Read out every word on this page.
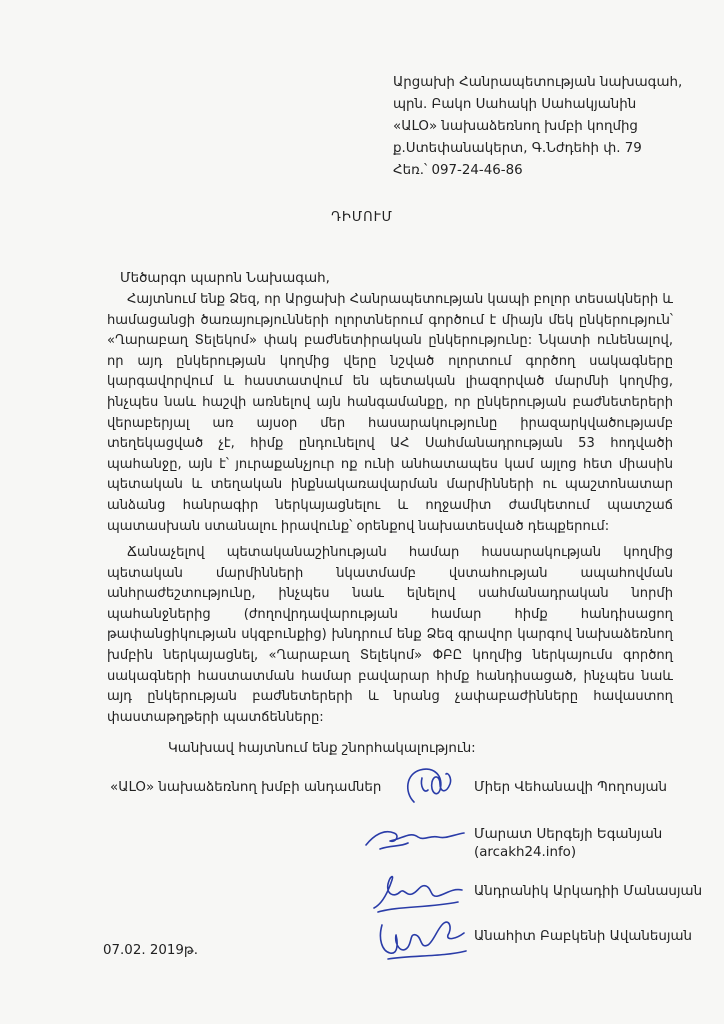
Արցախի Հանրապետության նախագահ,
պրն. Բակո Սահակի Սահակյանին
«ԱLO» նախաձեռնող խմբի կողմից
ք.Ստեփանակերտ, Գ.Նժդեհի փ. 79
Հեռ.՝ 097-24-46-86
ԴԻՄՈՒՄ
Մեծարգո պարոն Նախագահ,

Հայտնում ենք Ձեզ, որ Արցախի Հանրապետության կապի բոլոր տեսակների և համացանցի ծառայությունների ոլորտներում գործում է միայն մեկ ընկերություն՝ «Ղարաբաղ Տելեկոմ» փակ բաժնետիրական ընկերությունը: Նկատի ունենալով, որ այդ ընկերության կողմից վերը նշված ոլորտում գործող սակագները կարգավորվում և հաստատվում են պետական լիազորված մարմնի կողմից, ինչպես նաև հաշվի առնելով այն հանգամանքը, որ ընկերության բաժնետերերի վերաբերյալ առ այսօր մեր հասարակությունը իրազարկվածությամբ տեղեկացված չէ, հիմք ընդունելով ԱՀ Սահմանադրության 53 հոդվածի պահանջը, այն է՝ յուրաքանչյուր ոք ունի անհատապես կամ այլոց հետ միասին պետական և տեղական ինքնակառավարման մարմինների ու պաշտոնատար անձանց հանրագիր ներկայացնելու և ողջամիտ ժամկետում պատշաճ պատասխան ստանալու իրավունք՝ օրենքով նախատեսված դեպքերում:

Ճանաչելով պետականաշինության համար հասարակության կողմից պետական մարմինների նկատմամբ վստահության ապահովման անհրաժեշտությունը, ինչպես նաև ելնելով սահմանադրական նորմի պահանջներից (ժողովրդավարության համար հիմք հանդիսացող թափանցիկության սկզբունքից) խնդրում ենք Ձեզ գրավոր կարգով նախաձեռնող խմբին ներկայացնել, «Ղարաբաղ Տելեկոմ» ՓԲԸ կողմից ներկայումս գործող սակագների հաստատման համար բավարար հիմք հանդիսացած, ինչպես նաև այդ ընկերության բաժնետերերի և նրանց չափաբաժինները հավաստող փաստաթղթերի պատճենները:

Կանխավ հայտնում ենք շնորհակալություն:
«ԱLO» նախաձեռնող խմբի անդամներ	Միեր Վեհանավի Պողոսյան
Մարատ Սերգեյի Եգանյան
(arcakh24.info)
Անդրանիկ Արկադիի Մանասյան
Անահիտ Բաբկենի Ավանեսյան
07.02. 2019թ.
